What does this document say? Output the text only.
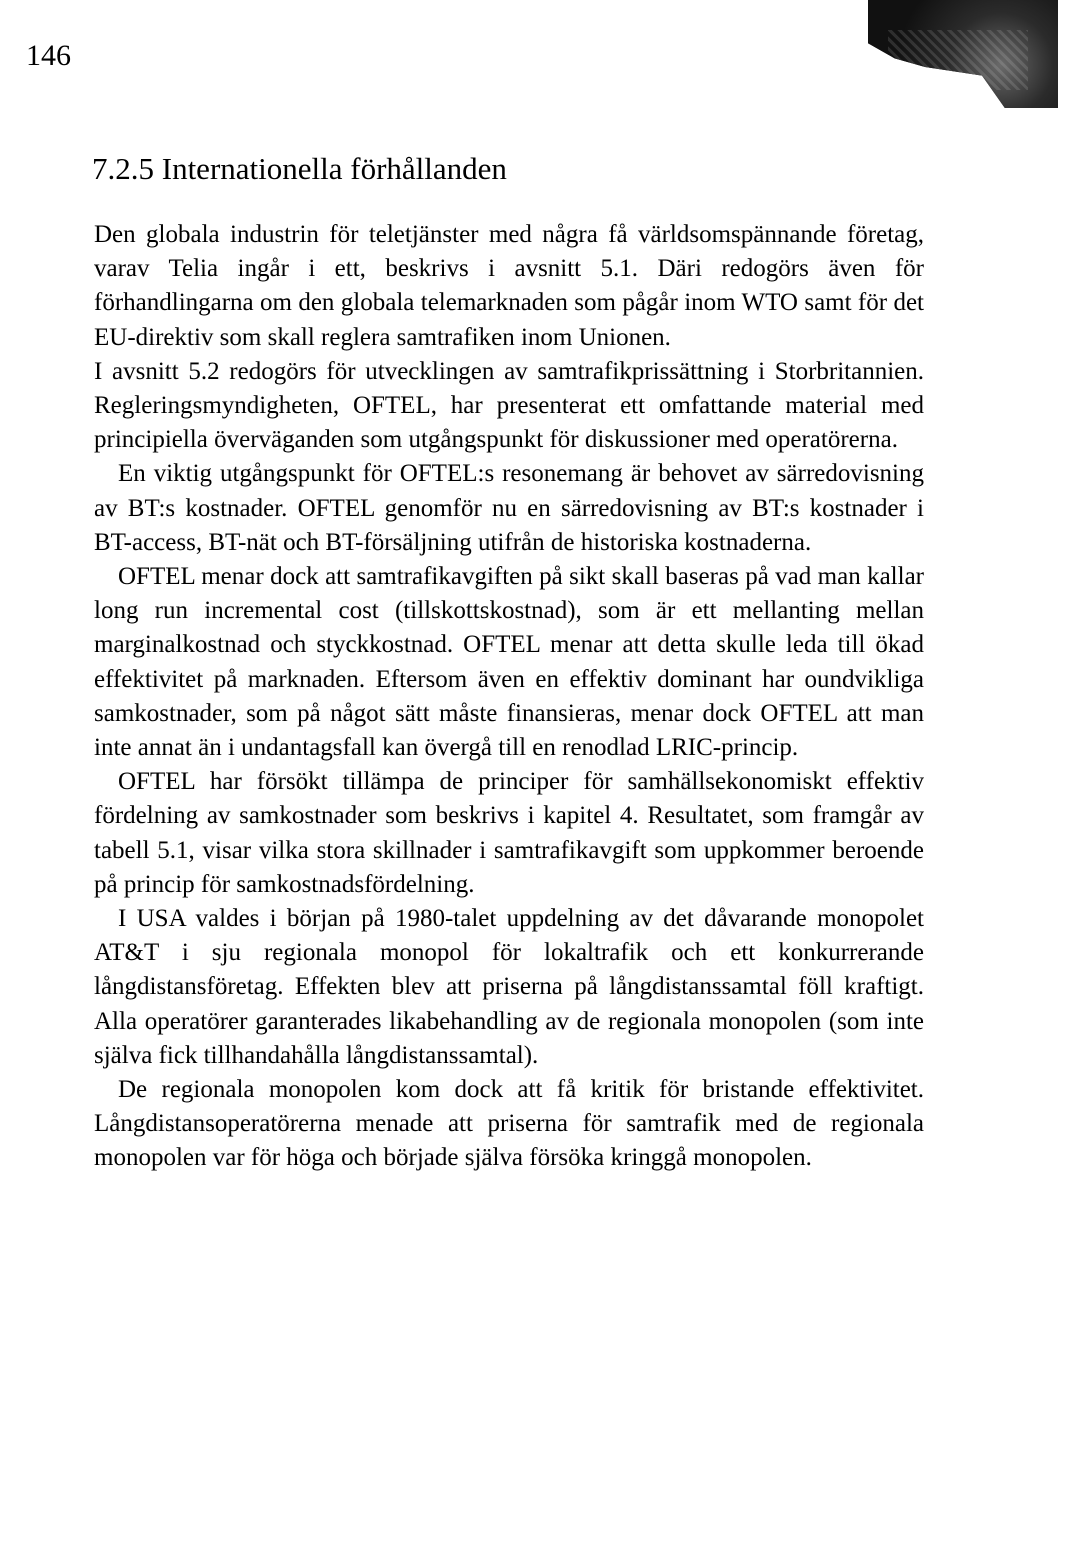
146
7.2.5 Internationella förhållanden

Den globala industrin för teletjänster med några få världsomspännande företag, varav Telia ingår i ett, beskrivs i avsnitt 5.1. Däri redogörs även för förhandlingarna om den globala telemarknaden som pågår inom WTO samt för det EU-direktiv som skall reglera samtrafiken inom Unionen.

I avsnitt 5.2 redogörs för utvecklingen av samtrafikprissättning i Storbritannien. Regleringsmyndigheten, OFTEL, har presenterat ett omfattande material med principiella överväganden som utgångspunkt för diskussioner med operatörerna.

En viktig utgångspunkt för OFTEL:s resonemang är behovet av särredovisning av BT:s kostnader. OFTEL genomför nu en särredovisning av BT:s kostnader i BT-access, BT-nät och BT-försäljning utifrån de historiska kostnaderna.

OFTEL menar dock att samtrafikavgiften på sikt skall baseras på vad man kallar long run incremental cost (tillskottskostnad), som är ett mellanting mellan marginalkostnad och styckkostnad. OFTEL menar att detta skulle leda till ökad effektivitet på marknaden. Eftersom även en effektiv dominant har oundvikliga samkostnader, som på något sätt måste finansieras, menar dock OFTEL att man inte annat än i undantagsfall kan övergå till en renodlad LRIC-princip.

OFTEL har försökt tillämpa de principer för samhällsekonomiskt effektiv fördelning av samkostnader som beskrivs i kapitel 4. Resultatet, som framgår av tabell 5.1, visar vilka stora skillnader i samtrafikavgift som uppkommer beroende på princip för samkostnadsfördelning.

I USA valdes i början på 1980-talet uppdelning av det dåvarande monopolet AT&T i sju regionala monopol för lokaltrafik och ett konkurrerande långdistansföretag. Effekten blev att priserna på långdistanssamtal föll kraftigt. Alla operatörer garanterades likabehandling av de regionala monopolen (som inte själva fick tillhandahålla långdistanssamtal).

De regionala monopolen kom dock att få kritik för bristande effektivitet. Långdistansoperatörerna menade att priserna för samtrafik med de regionala monopolen var för höga och började själva försöka kringgå monopolen.
